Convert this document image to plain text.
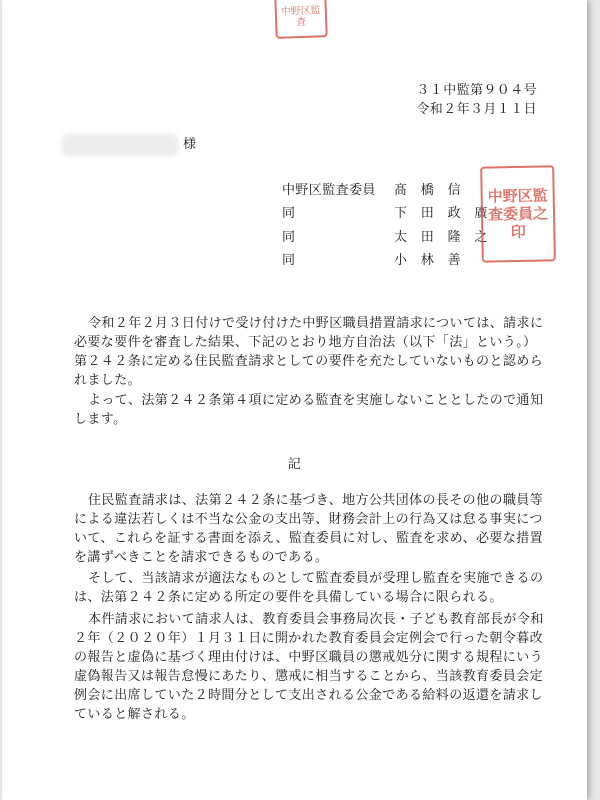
中野区監査
３１中監第９０４号
令和２年３月１１日
様
中野区監査委員 髙　橋　信
同	下　田　政　廣
同	太　田　隆　之
同	小　林　善
中野区監査委員之印
令和２年２月３日付けで受け付けた中野区職員措置請求については、請求に
必要な要件を審査した結果、下記のとおり地方自治法（以下「法」という。）
第２４２条に定める住民監査請求としての要件を充たしていないものと認めら
れました。
よって、法第２４２条第４項に定める監査を実施しないこととしたので通知
します。
記
住民監査請求は、法第２４２条に基づき、地方公共団体の長その他の職員等
による違法若しくは不当な公金の支出等、財務会計上の行為又は怠る事実につ
いて、これらを証する書面を添え、監査委員に対し、監査を求め、必要な措置
を講ずべきことを請求できるものである。
そして、当該請求が適法なものとして監査委員が受理し監査を実施できるの
は、法第２４２条に定める所定の要件を具備している場合に限られる。
本件請求において請求人は、教育委員会事務局次長・子ども教育部長が令和
２年（２０２０年）１月３１日に開かれた教育委員会定例会で行った朝令暮改
の報告と虚偽に基づく理由付けは、中野区職員の懲戒処分に関する規程にいう
虚偽報告又は報告怠慢にあたり、懲戒に相当することから、当該教育委員会定
例会に出席していた２時間分として支出される公金である給料の返還を請求し
ていると解される。
